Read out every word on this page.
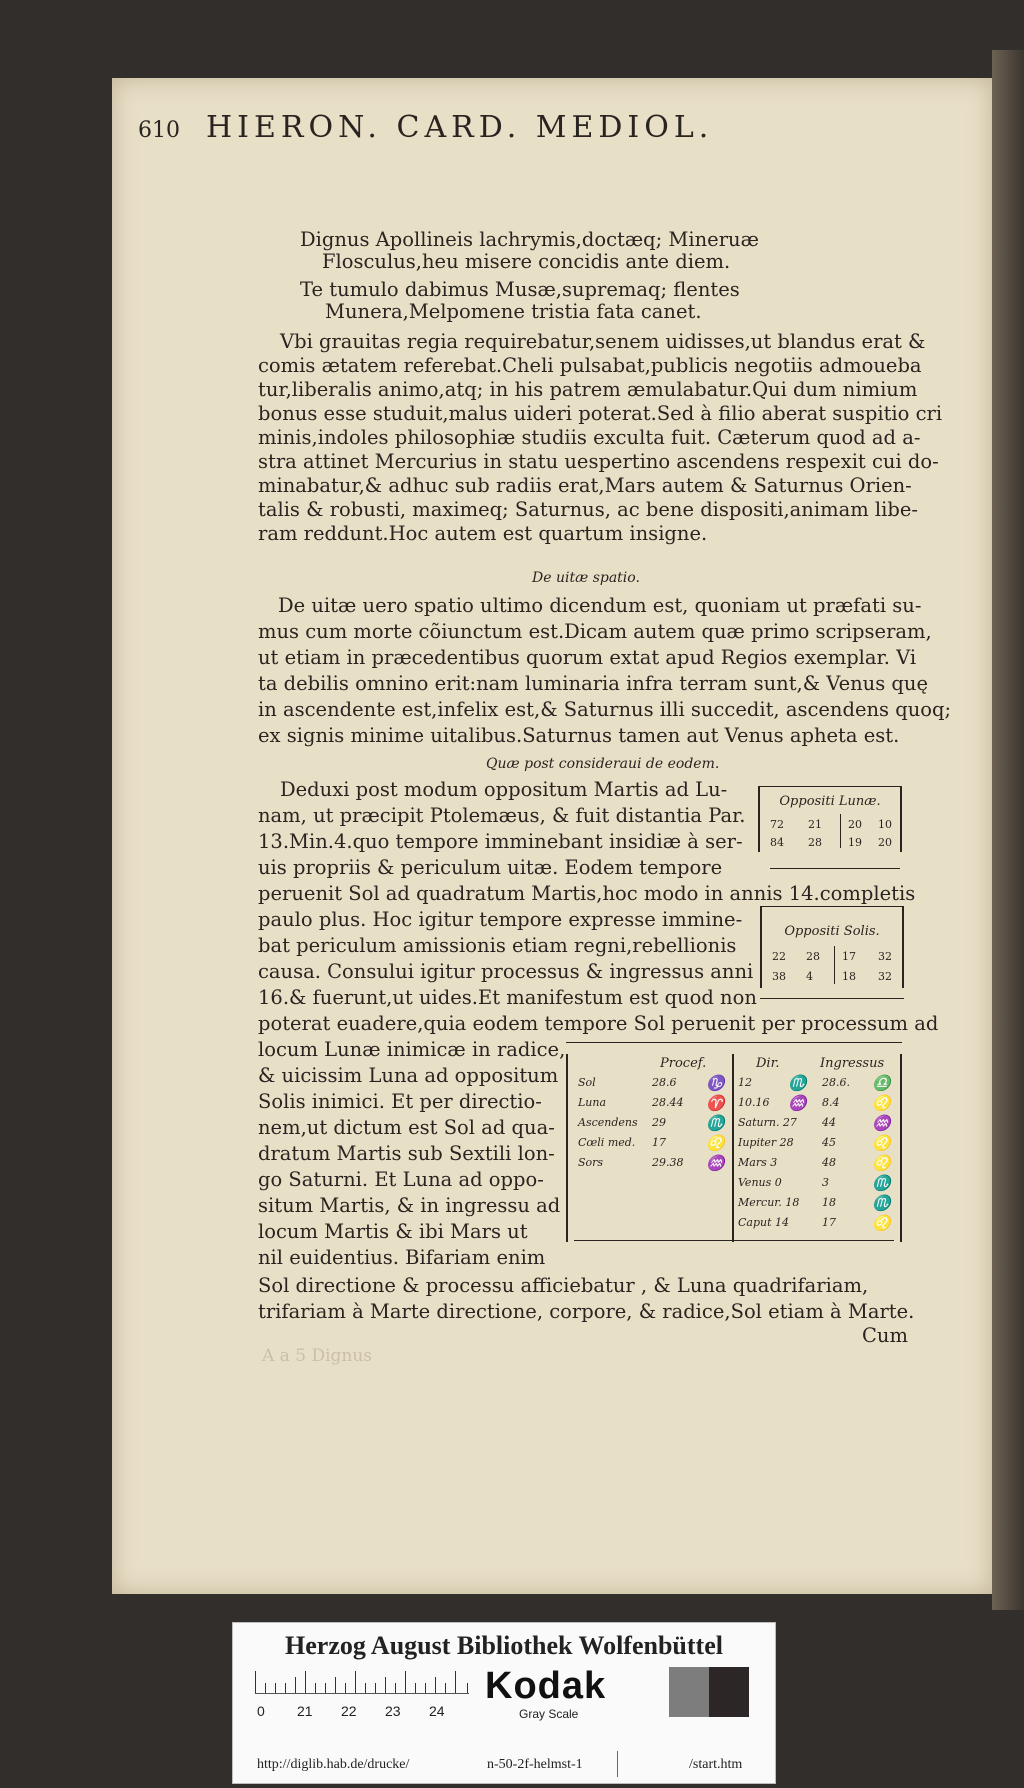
610 HIERON. CARD. MEDIOL.
Dignus Apollineis lachrymis,doctæq; Mineruæ
Flosculus,heu misere concidis ante diem.
Te tumulo dabimus Musæ,supremaq; flentes
Munera,Melpomene tristia fata canet.
Vbi grauitas regia requirebatur,senem uidisses,ut blandus erat &
comis ætatem referebat.Cheli pulsabat,publicis negotiis admoueba
tur,liberalis animo,atq; in his patrem æmulabatur.Qui dum nimium
bonus esse studuit,malus uideri poterat.Sed à filio aberat suspitio cri
minis,indoles philosophiæ studiis exculta fuit. Cæterum quod ad a-
stra attinet Mercurius in statu uespertino ascendens respexit cui do-
minabatur,& adhuc sub radiis erat,Mars autem & Saturnus Orien-
talis & robusti, maximeq; Saturnus, ac bene dispositi,animam libe-
ram reddunt.Hoc autem est quartum insigne.
De uitæ spatio.
De uitæ uero spatio ultimo dicendum est, quoniam ut præfati su-
mus cum morte cõiunctum est.Dicam autem quæ primo scripseram,
ut etiam in præcedentibus quorum extat apud Regios exemplar. Vi
ta debilis omnino erit:nam luminaria infra terram sunt,& Venus quę
in ascendente est,infelix est,& Saturnus illi succedit, ascendens quoq;
ex signis minime uitalibus.Saturnus tamen aut Venus apheta est.
Quæ post consideraui de eodem.
Deduxi post modum oppositum Martis ad Lu-
nam, ut præcipit Ptolemæus, & fuit distantia Par.
13.Min.4.quo tempore imminebant insidiæ à ser-
uis propriis & periculum uitæ. Eodem tempore
peruenit Sol ad quadratum Martis,hoc modo in annis 14.completis
paulo plus. Hoc igitur tempore expresse immine-
bat periculum amissionis etiam regni,rebellionis
causa. Consului igitur processus & ingressus anni
16.& fuerunt,ut uides.Et manifestum est quod non
poterat euadere,quia eodem tempore Sol peruenit per processum ad
locum Lunæ inimicæ in radice,
& uicissim Luna ad oppositum
Solis inimici. Et per directio-
nem,ut dictum est Sol ad qua-
dratum Martis sub Sextili lon-
go Saturni. Et Luna ad oppo-
situm Martis, & in ingressu ad
locum Martis & ibi Mars ut
nil euidentius. Bifariam enim
Sol directione & processu afficiebatur , & Luna quadrifariam,
trifariam à Marte directione, corpore, & radice,Sol etiam à Marte.
Cum
A a 5 Dignus
Oppositi Lunæ.
72 21 20 10
84 28 19 20
Oppositi Solis.
22 28 17 32
38 4	18 32
Procef.	Dir.	Ingressus
Sol	28.6 ♑
Luna	28.44 ♈
Ascendens 29	♏
Cœli med. 17	♌
Sors	29.38 ♒
12 ♏ 28.6. ♎
10.16 ♒ 8.4 ♌
Saturn. 27 44 ♒
Iupiter 28	45 ♌
Mars 3	48 ♌
Venus 0	3	♏
Mercur. 18 18 ♏
Caput 14	17 ♌
Herzog August Bibliothek Wolfenbüttel
0 21 22 23 24
Kodak
Gray Scale
http://diglib.hab.de/drucke/	n-50-2f-helmst-1	/start.htm
